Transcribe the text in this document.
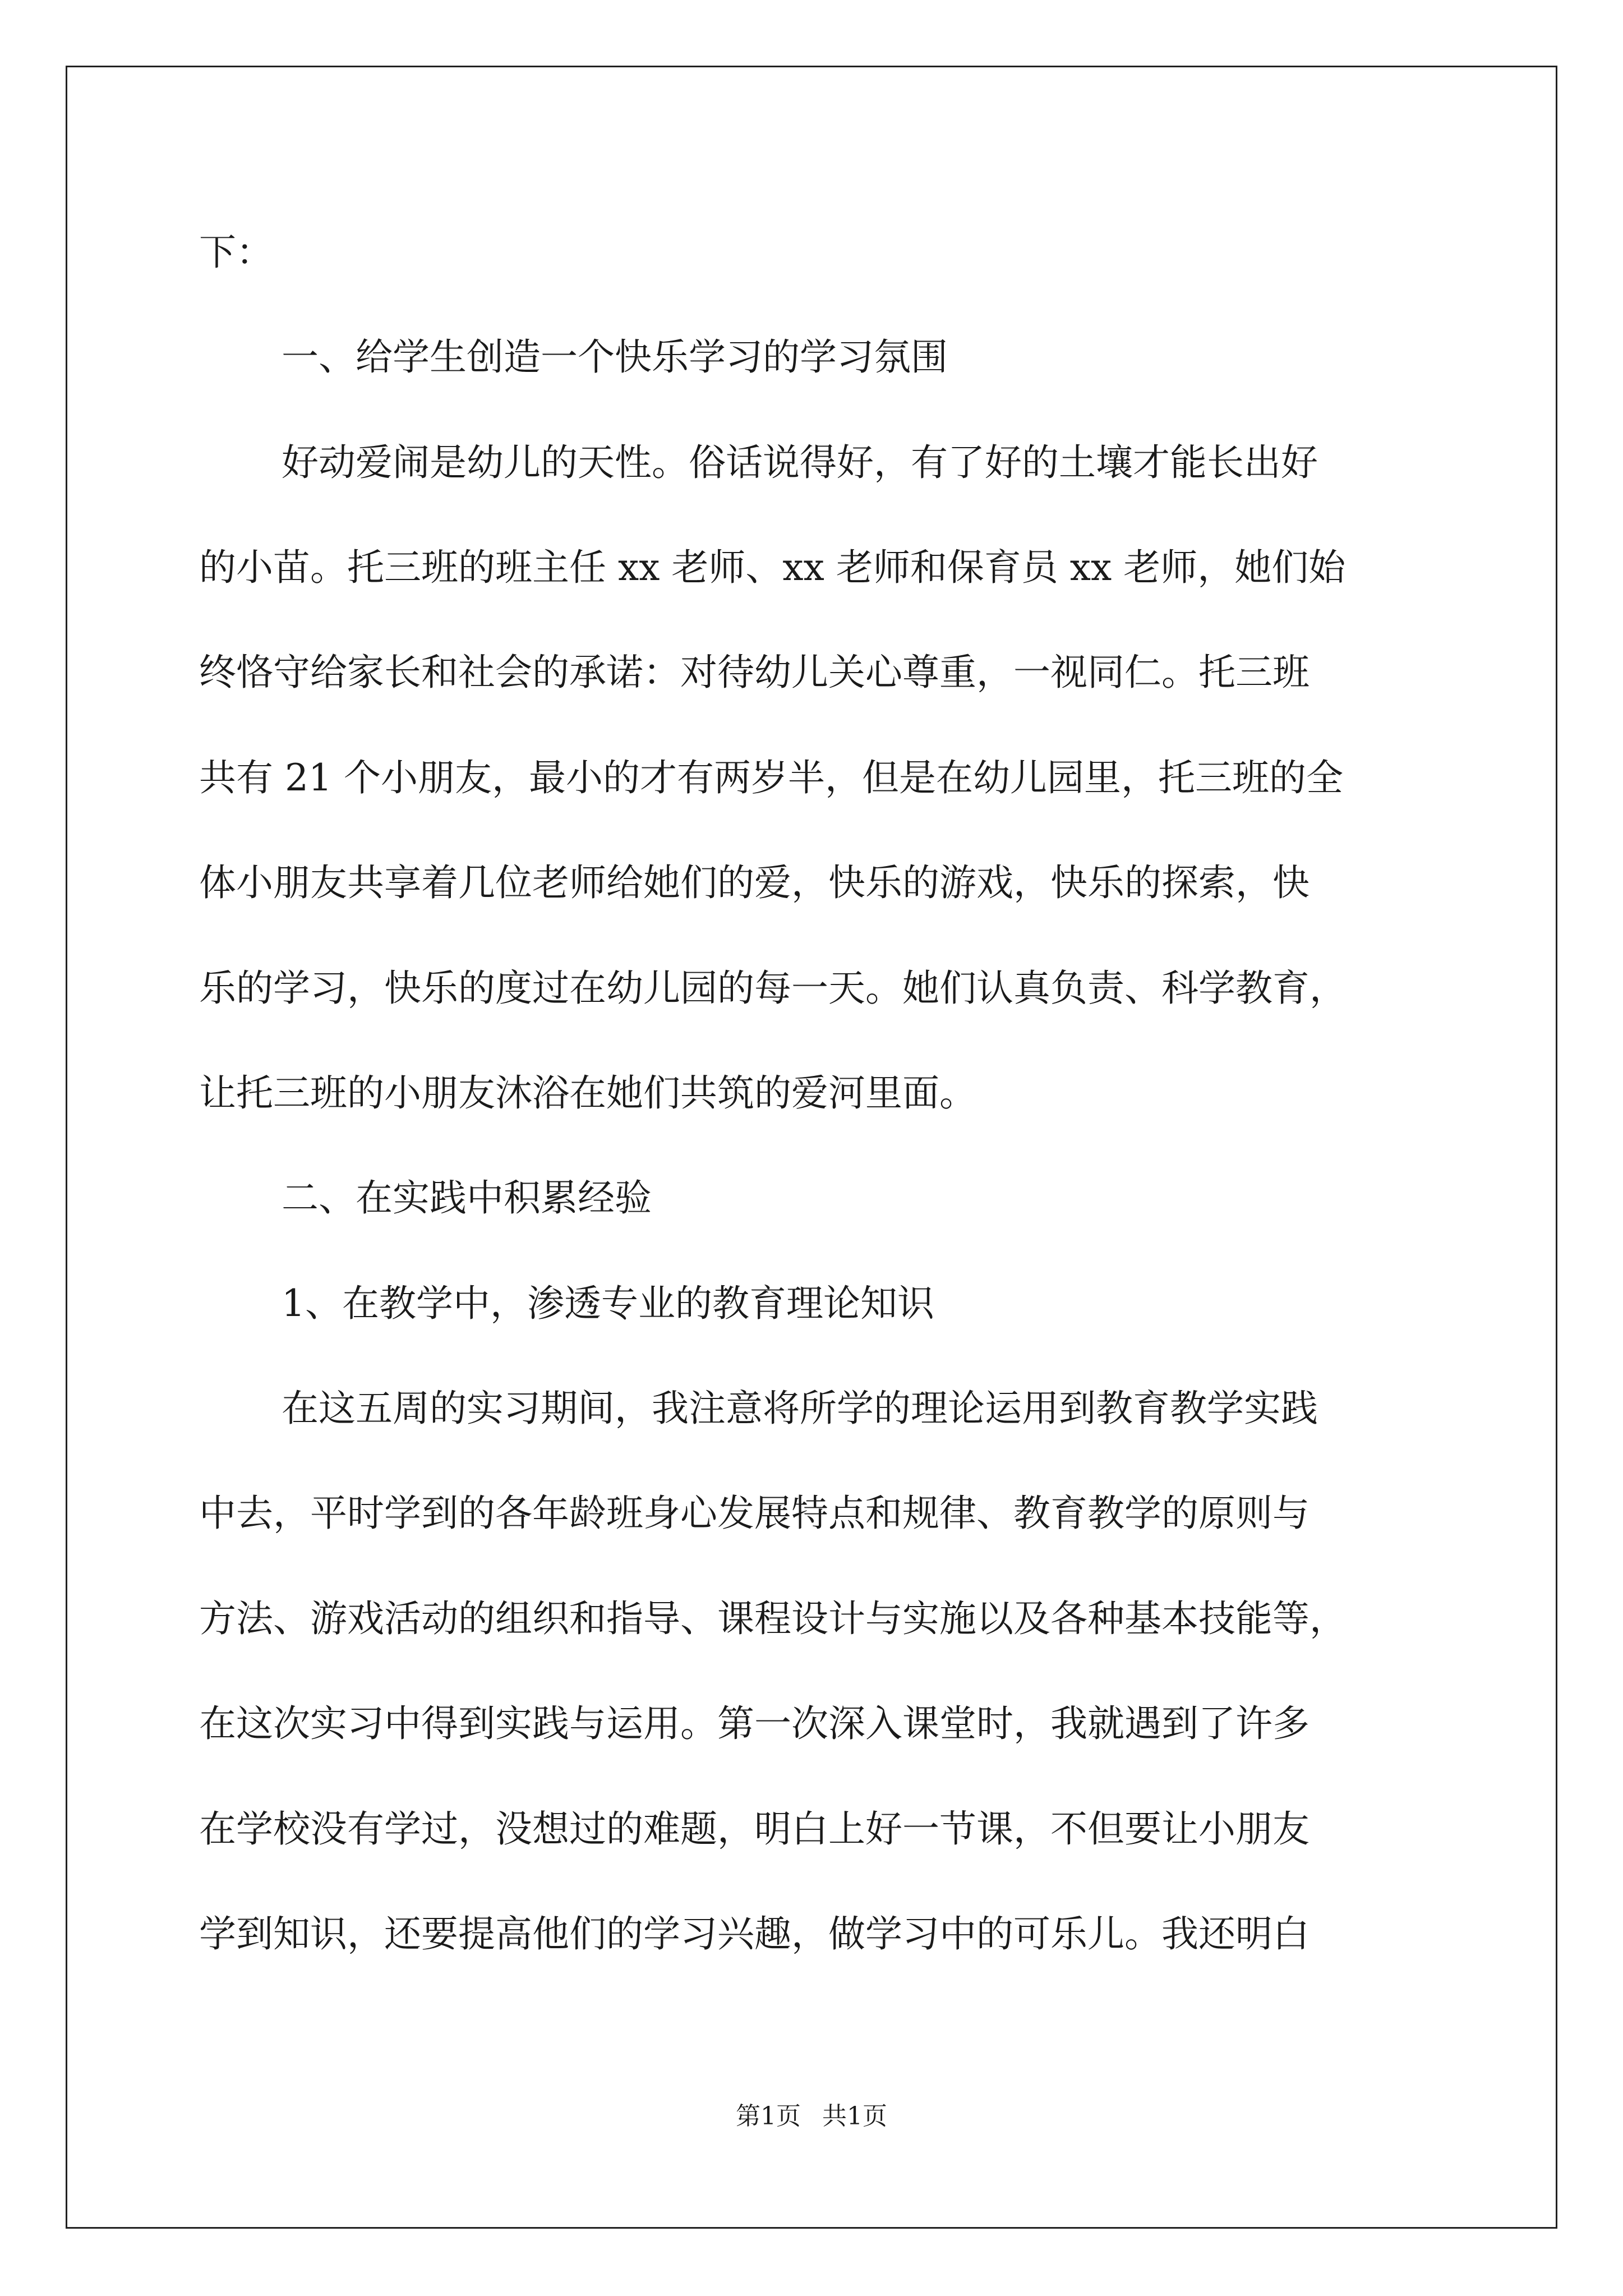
下：
一、给学生创造一个快乐学习的学习氛围
好动爱闹是幼儿的天性。俗话说得好，有了好的土壤才能长出好
的小苗。托三班的班主任 xx 老师、xx 老师和保育员 xx 老师，她们始
终恪守给家长和社会的承诺：对待幼儿关心尊重，一视同仁。托三班
共有 21 个小朋友，最小的才有两岁半，但是在幼儿园里，托三班的全
体小朋友共享着几位老师给她们的爱，快乐的游戏，快乐的探索，快
乐的学习，快乐的度过在幼儿园的每一天。她们认真负责、科学教育，
让托三班的小朋友沐浴在她们共筑的爱河里面。
二、在实践中积累经验
1、在教学中，渗透专业的教育理论知识
在这五周的实习期间，我注意将所学的理论运用到教育教学实践
中去，平时学到的各年龄班身心发展特点和规律、教育教学的原则与
方法、游戏活动的组织和指导、课程设计与实施以及各种基本技能等，
在这次实习中得到实践与运用。第一次深入课堂时，我就遇到了许多
在学校没有学过，没想过的难题，明白上好一节课，不但要让小朋友
学到知识，还要提高他们的学习兴趣，做学习中的可乐儿。我还明白
第1页 共1页
